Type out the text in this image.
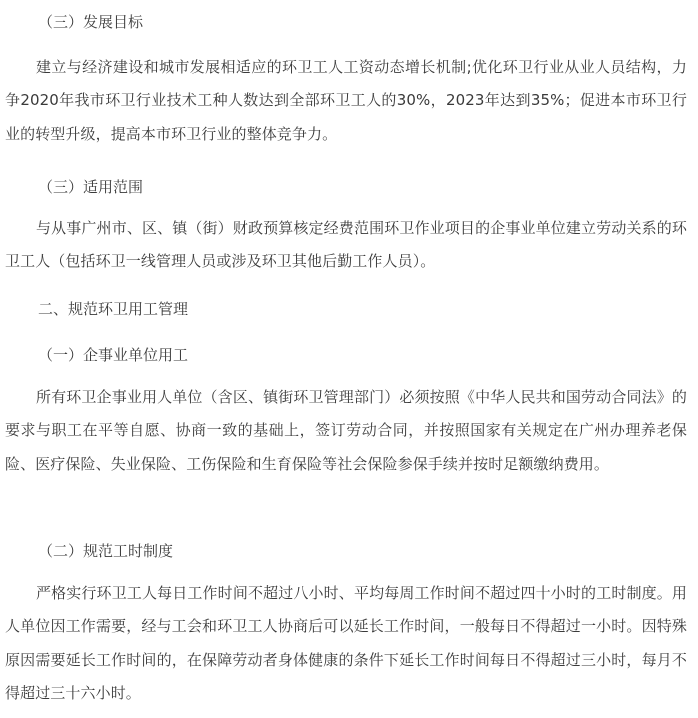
（三）发展目标
建立与经济建设和城市发展相适应的环卫工人工资动态增长机制;优化环卫行业从业人员结构，力争2020年我市环卫行业技术工种人数达到全部环卫工人的30%，2023年达到35%；促进本市环卫行业的转型升级，提高本市环卫行业的整体竞争力。
（三）适用范围
与从事广州市、区、镇（街）财政预算核定经费范围环卫作业项目的企事业单位建立劳动关系的环卫工人（包括环卫一线管理人员或涉及环卫其他后勤工作人员）。
二、规范环卫用工管理
（一）企事业单位用工
所有环卫企事业用人单位（含区、镇街环卫管理部门）必须按照《中华人民共和国劳动合同法》的要求与职工在平等自愿、协商一致的基础上，签订劳动合同，并按照国家有关规定在广州办理养老保险、医疗保险、失业保险、工伤保险和生育保险等社会保险参保手续并按时足额缴纳费用。
（二）规范工时制度
严格实行环卫工人每日工作时间不超过八小时、平均每周工作时间不超过四十小时的工时制度。用人单位因工作需要，经与工会和环卫工人协商后可以延长工作时间，一般每日不得超过一小时。因特殊原因需要延长工作时间的，在保障劳动者身体健康的条件下延长工作时间每日不得超过三小时，每月不得超过三十六小时。
